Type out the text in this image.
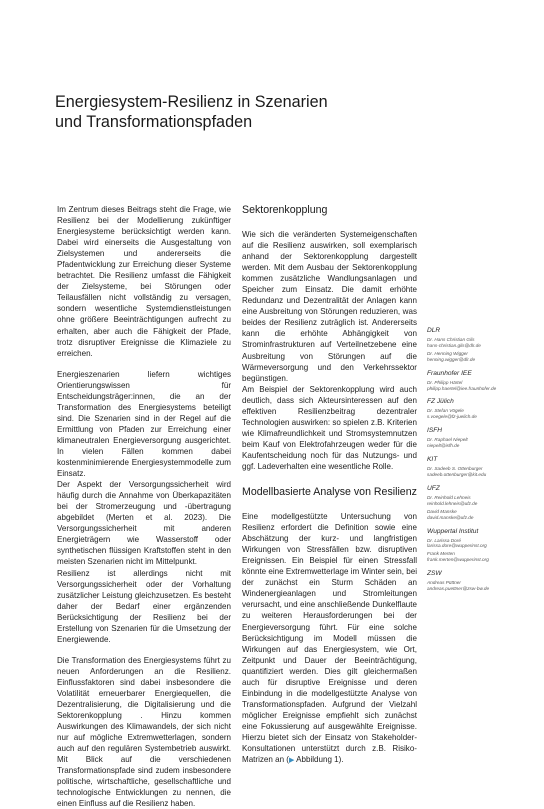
Energiesystem-Resilienz in Szenarien
und Transformationspfaden

Im Zentrum dieses Beitrags steht die Frage, wie Resilienz bei der Modellierung zukünftiger Energiesysteme berücksichtigt werden kann. Dabei wird einerseits die Ausgestaltung von Zielsystemen und andererseits die Pfadentwicklung zur Erreichung dieser Systeme betrachtet. Die Resilienz umfasst die Fähigkeit der Zielsysteme, bei Störungen oder Teilausfällen nicht vollständig zu versagen, sondern wesentliche Systemdienstleistungen ohne größere Beeinträchtigungen aufrecht zu erhalten, aber auch die Fähigkeit der Pfade, trotz disruptiver Ereignisse die Klimaziele zu erreichen.

Energieszenarien liefern wichtiges Orientierungswissen für Entscheidungsträger:innen, die an der Transformation des Energiesystems beteiligt sind. Die Szenarien sind in der Regel auf die Ermittlung von Pfaden zur Erreichung einer klimaneutralen Energieversorgung ausgerichtet. In vielen Fällen kommen dabei kostenminimierende Energiesystemmodelle zum Einsatz.

Der Aspekt der Versorgungssicherheit wird häufig durch die Annahme von Überkapazitäten bei der Stromerzeugung und -übertragung abgebildet (Merten et al. 2023). Die Versorgungssicherheit mit anderen Energieträgern wie Wasserstoff oder synthetischen flüssigen Kraftstoffen steht in den meisten Szenarien nicht im Mittelpunkt.

Resilienz ist allerdings nicht mit Versorgungssicherheit oder der Vorhaltung zusätzlicher Leistung gleichzusetzen. Es besteht daher der Bedarf einer ergänzenden Berücksichtigung der Resilienz bei der Erstellung von Szenarien für die Umsetzung der Energiewende.

Die Transformation des Energiesystems führt zu neuen Anforderungen an die Resilienz. Einflussfaktoren sind dabei insbesondere die Volatilität erneuerbarer Energiequellen, die Dezentralisierung, die Digitalisierung und die Sektorenkopplung . Hinzu kommen Auswirkungen des Klimawandels, der sich nicht nur auf mögliche Extremwetterlagen, sondern auch auf den regulären Systembetrieb auswirkt. Mit Blick auf die verschiedenen Transformationspfade sind zudem insbesondere politische, wirtschaftliche, gesellschaftliche und technologische Entwicklungen zu nennen, die einen Einfluss auf die Resilienz haben.

Sektorenkopplung

Wie sich die veränderten Systemeigenschaften auf die Resilienz auswirken, soll exemplarisch anhand der Sektorenkopplung dargestellt werden. Mit dem Ausbau der Sektorenkopplung kommen zusätzliche Wandlungsanlagen und Speicher zum Einsatz. Die damit erhöhte Redundanz und Dezentralität der Anlagen kann eine Ausbreitung von Störungen reduzieren, was beides der Resilienz zuträglich ist. Andererseits kann die erhöhte Abhängigkeit von Strominfrastrukturen auf Verteilnetzebene eine Ausbreitung von Störungen auf die Wärmeversorgung und den Verkehrssektor begünstigen.

Am Beispiel der Sektorenkopplung wird auch deutlich, dass sich Akteursinteressen auf den effektiven Resilienzbeitrag dezentraler Technologien auswirken: so spielen z.B. Kriterien wie Klimafreundlichkeit und Stromsystemnutzen beim Kauf von Elektrofahrzeugen weder für die Kaufentscheidung noch für das Nutzungs- und ggf. Ladeverhalten eine wesentliche Rolle.

Modellbasierte Analyse von Resilienz

Eine modellgestützte Untersuchung von Resilienz erfordert die Definition sowie eine Abschätzung der kurz- und langfristigen Wirkungen von Stressfällen bzw. disruptiven Ereignissen. Ein Beispiel für einen Stressfall könnte eine Extremwetterlage im Winter sein, bei der zunächst ein Sturm Schäden an Windenergieanlagen und Stromleitungen verursacht, und eine anschließende Dunkelflaute zu weiteren Herausforderungen bei der Energieversorgung führt. Für eine solche Berücksichtigung im Modell müssen die Wirkungen auf das Energiesystem, wie Ort, Zeitpunkt und Dauer der Beeinträchtigung, quantifiziert werden. Dies gilt gleichermaßen auch für disruptive Ereignisse und deren Einbindung in die modellgestützte Analyse von Transformationspfaden. Aufgrund der Vielzahl möglicher Ereignisse empfiehlt sich zunächst eine Fokussierung auf ausgewählte Ereignisse. Hierzu bietet sich der Einsatz von Stakeholder-Konsultationen unterstützt durch z.B. Risiko-Matrizen an (▶ Abbildung 1).

DLR
Dr. Hans Christian Gils
hans-christian.gils@dlr.de
Dr. Henning Wigger
henning.wigger@dlr.de
Fraunhofer IEE
Dr. Philipp Härtel
philipp.haertel@iee.fraunhofer.de
FZ Jülich
Dr. Stefan Vögele
s.voegele@fz-juelich.de
ISFH
Dr. Raphael Niepelt
niepelt@isfh.de
KIT
Dr. Sadeeb S. Ottenburger
sadeeb.ottenburger@kit.edu
UFZ
Dr. Reinhold Lehneis
reinhold.lehneis@ufz.de
David Manske
david.manske@ufz.de
Wuppertal Institut
Dr. Larissa Doré
larissa.dore@wupperinst.org
Frank Merten
frank.merten@wupperinst.org
ZSW
Andreas Püttner
andreas.puettner@zsw-bw.de
